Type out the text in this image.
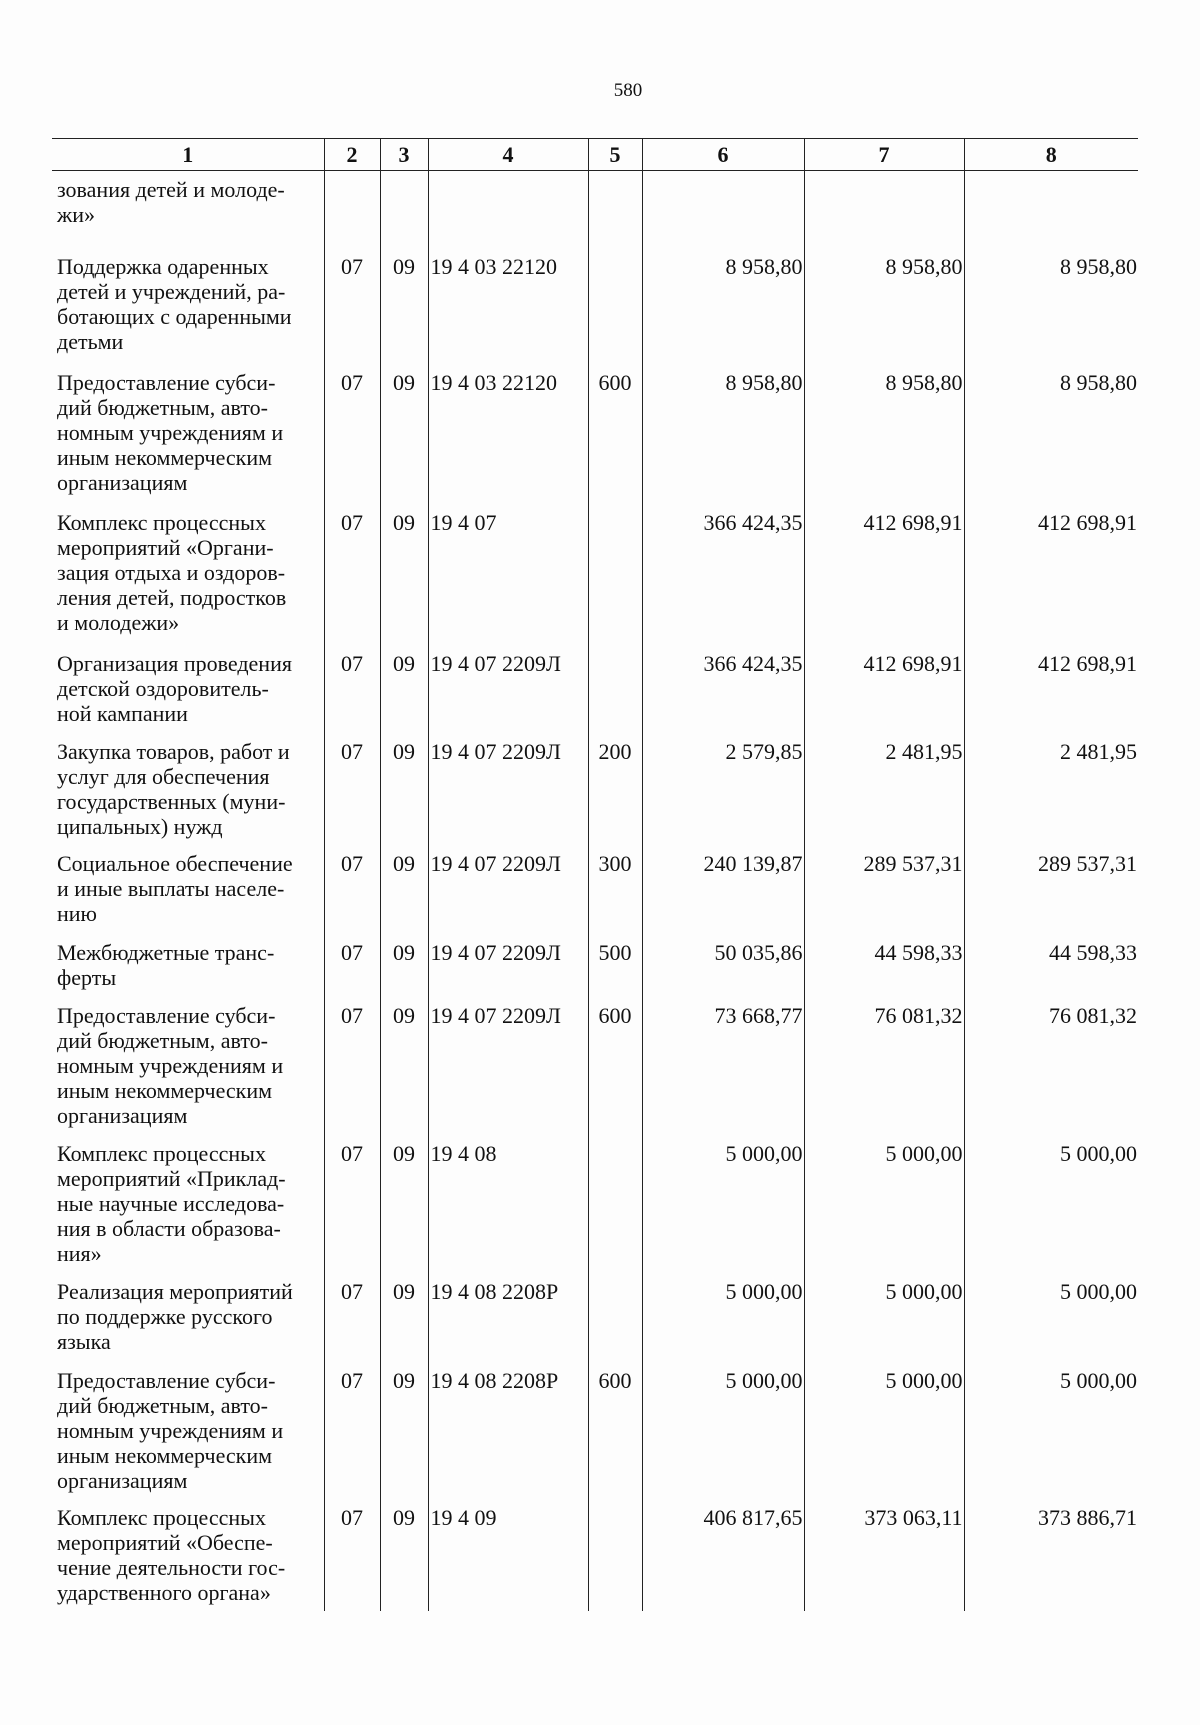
580
1	2	3	4	5	6	7	8

зования детей и молоде-
жи»							

Поддержка одаренных
детей и учреждений, ра-
ботающих с одаренными
детьми	07	09	19 4 03 22120		8 958,80	8 958,80	8 958,80

Предоставление субси-
дий бюджетным, авто-
номным учреждениям и
иным некоммерческим
организациям	07	09	19 4 03 22120	600	8 958,80	8 958,80	8 958,80

Комплекс процессных
мероприятий «Органи-
зация отдыха и оздоров-
ления детей, подростков
и молодежи»	07	09	19 4 07		366 424,35	412 698,91	412 698,91

Организация проведения
детской оздоровитель-
ной кампании	07	09	19 4 07 2209Л		366 424,35	412 698,91	412 698,91

Закупка товаров, работ и
услуг для обеспечения
государственных (муни-
ципальных) нужд	07	09	19 4 07 2209Л	200	2 579,85	2 481,95	2 481,95

Социальное обеспечение
и иные выплаты населе-
нию	07	09	19 4 07 2209Л	300	240 139,87	289 537,31	289 537,31

Межбюджетные транс-
ферты	07	09	19 4 07 2209Л	500	50 035,86	44 598,33	44 598,33

Предоставление субси-
дий бюджетным, авто-
номным учреждениям и
иным некоммерческим
организациям	07	09	19 4 07 2209Л	600	73 668,77	76 081,32	76 081,32

Комплекс процессных
мероприятий «Приклад-
ные научные исследова-
ния в области образова-
ния»	07	09	19 4 08		5 000,00	5 000,00	5 000,00

Реализация мероприятий
по поддержке русского
языка	07	09	19 4 08 2208Р		5 000,00	5 000,00	5 000,00

Предоставление субси-
дий бюджетным, авто-
номным учреждениям и
иным некоммерческим
организациям	07	09	19 4 08 2208Р	600	5 000,00	5 000,00	5 000,00

Комплекс процессных
мероприятий «Обеспе-
чение деятельности гос-
ударственного органа»	07	09	19 4 09		406 817,65	373 063,11	373 886,71
